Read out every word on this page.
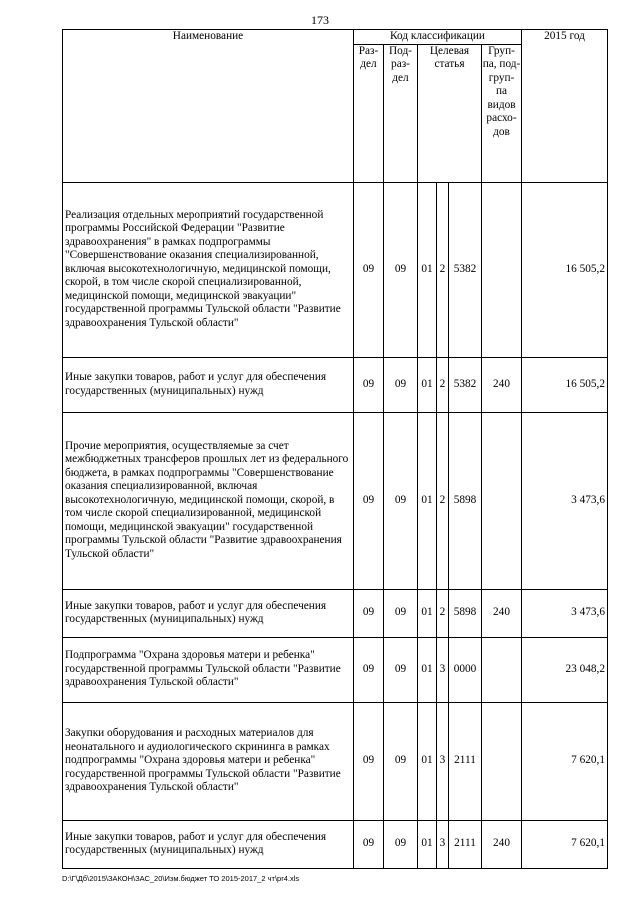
173
Наименование	Код классификации						2015 год
	Раз- дел	Под- раз- дел	Целевая статья			Груп- па, под- груп- па видов расхо- дов	
Реализация отдельных мероприятий государственной программы Российской Федерации "Развитие здравоохранения" в рамках подпрограммы "Совершенствование оказания специализированной, включая высокотехнологичную, медицинской помощи, скорой, в том числе скорой специализированной, медицинской помощи, медицинской эвакуации" государственной программы Тульской области "Развитие здравоохранения Тульской области"	09	09	01	2	5382		16 505,2
Иные закупки товаров, работ и услуг для обеспечения государственных (муниципальных) нужд	09	09	01	2	5382	240	16 505,2
Прочие мероприятия, осуществляемые за счет межбюджетных трансферов прошлых лет из федерального бюджета, в рамках подпрограммы "Совершенствование оказания специализированной, включая высокотехнологичную, медицинской помощи, скорой, в том числе скорой специализированной, медицинской помощи, медицинской эвакуации" государственной программы Тульской области "Развитие здравоохранения Тульской области"	09	09	01	2	5898		3 473,6
Иные закупки товаров, работ и услуг для обеспечения государственных (муниципальных) нужд	09	09	01	2	5898	240	3 473,6
Подпрограмма "Охрана здоровья матери и ребенка" государственной программы Тульской области "Развитие здравоохранения Тульской области"	09	09	01	3	0000		23 048,2
Закупки оборудования и расходных материалов для неонатального и аудиологического скрининга в рамках подпрограммы "Охрана здоровья матери и ребенка" государственной программы Тульской области "Развитие здравоохранения Тульской области"	09	09	01	3	2111		7 620,1
Иные закупки товаров, работ и услуг для обеспечения государственных (муниципальных) нужд	09	09	01	3	2111	240	7 620,1
D:\Г\Дб\2015\ЗАКОН\ЗАС_20\Изм.бюджет ТО 2015-2017_2 чт\pr4.xls
